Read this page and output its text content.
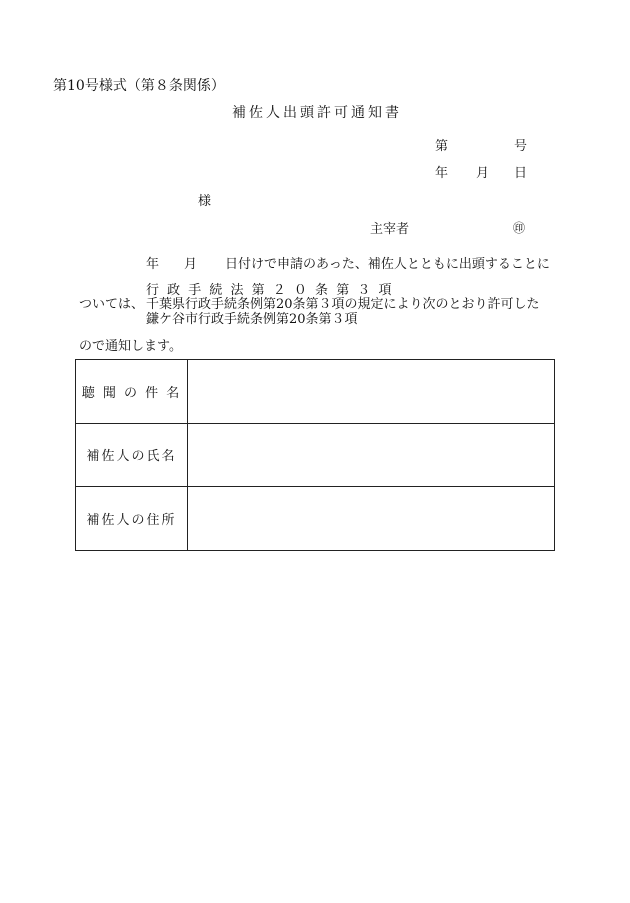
第10号様式（第８条関係）
補佐人出頭許可通知書
第	号
年 月 日
様
主宰者	㊞
年 月 日付けで申請のあった、補佐人とともに出頭することに
行 政 手 続 法 第 ２ ０ 条 第 ３ 項
ついては、 千葉県行政手続条例第20条第３項の規定により次のとおり許可した
鎌ケ谷市行政手続条例第20条第３項
ので通知します。
聴 聞 の 件 名	
補佐人の氏名	
補佐人の住所	
